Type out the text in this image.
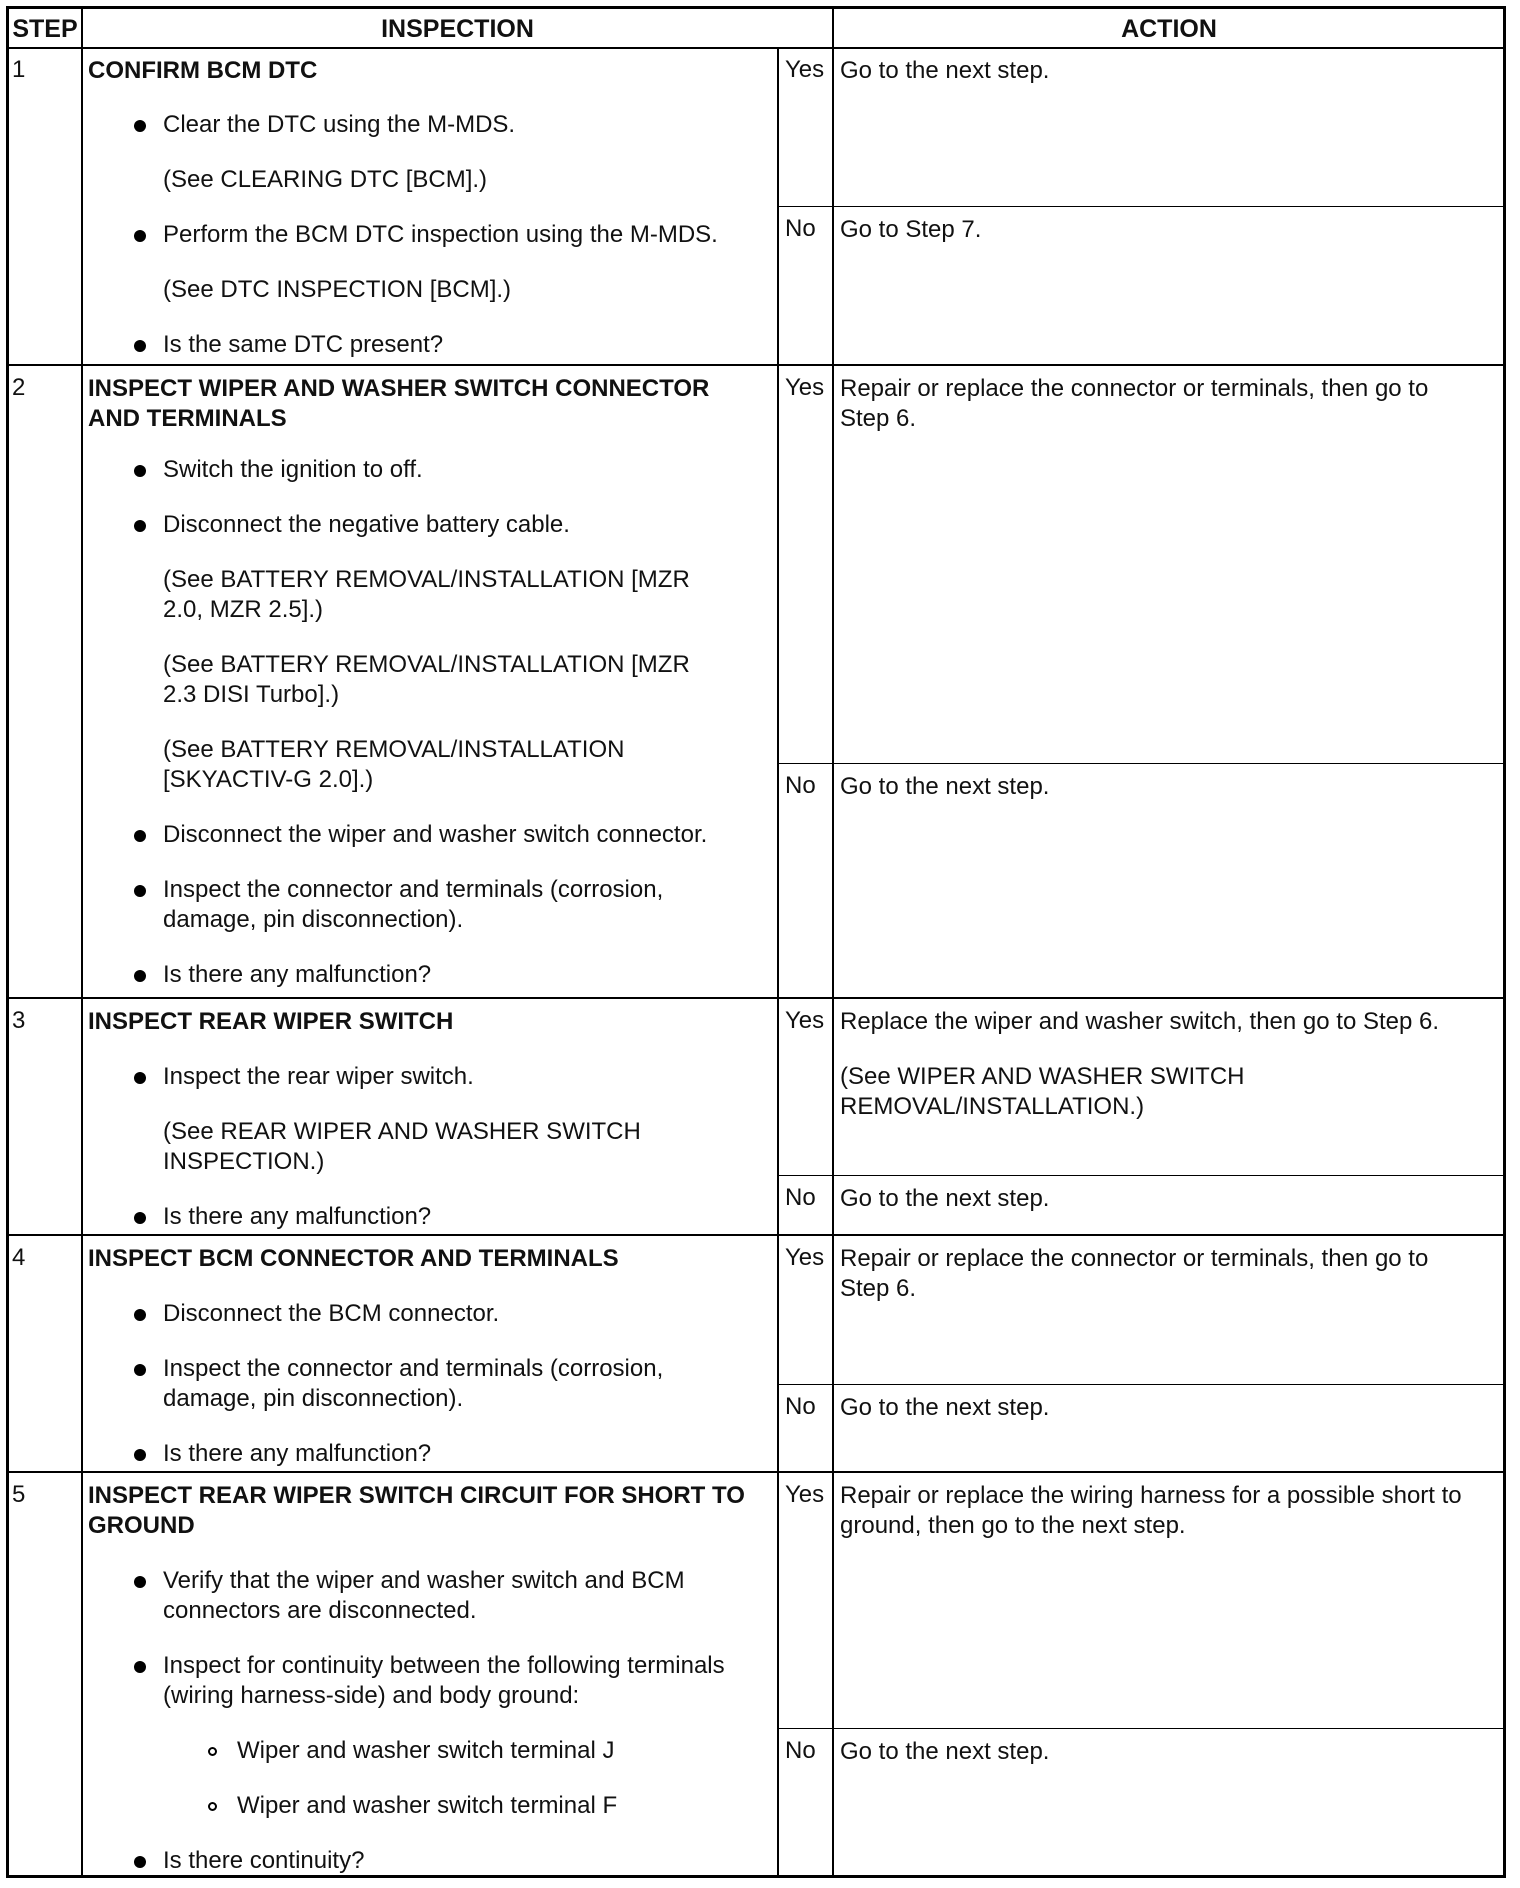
STEP	INSPECTION	ACTION
1	CONFIRM BCM DTC
Clear the DTC using the M-MDS.
(See CLEARING DTC [BCM].)
Perform the BCM DTC inspection using the M-MDS.
(See DTC INSPECTION [BCM].)
Is the same DTC present?
Yes Go to the next step.
No Go to Step 7.
2	INSPECT WIPER AND WASHER SWITCH CONNECTOR
AND TERMINALS
Switch the ignition to off.
Disconnect the negative battery cable.
(See BATTERY REMOVAL/INSTALLATION [MZR
2.0, MZR 2.5].)
(See BATTERY REMOVAL/INSTALLATION [MZR
2.3 DISI Turbo].)
(See BATTERY REMOVAL/INSTALLATION
[SKYACTIV-G 2.0].)
Disconnect the wiper and washer switch connector.
Inspect the connector and terminals (corrosion,
damage, pin disconnection).
Is there any malfunction?
Yes Repair or replace the connector or terminals, then go to
Step 6.
No Go to the next step.
3	INSPECT REAR WIPER SWITCH
Inspect the rear wiper switch.
(See REAR WIPER AND WASHER SWITCH
INSPECTION.)
Is there any malfunction?
Yes Replace the wiper and washer switch, then go to Step 6.
(See WIPER AND WASHER SWITCH
REMOVAL/INSTALLATION.)
No Go to the next step.
4	INSPECT BCM CONNECTOR AND TERMINALS
Disconnect the BCM connector.
Inspect the connector and terminals (corrosion,
damage, pin disconnection).
Is there any malfunction?
Yes Repair or replace the connector or terminals, then go to
Step 6.
No Go to the next step.
5	INSPECT REAR WIPER SWITCH CIRCUIT FOR SHORT TO
GROUND
Verify that the wiper and washer switch and BCM
connectors are disconnected.
Inspect for continuity between the following terminals
(wiring harness-side) and body ground:
Wiper and washer switch terminal J
Wiper and washer switch terminal F
Is there continuity?
Yes Repair or replace the wiring harness for a possible short to
ground, then go to the next step.
No Go to the next step.
